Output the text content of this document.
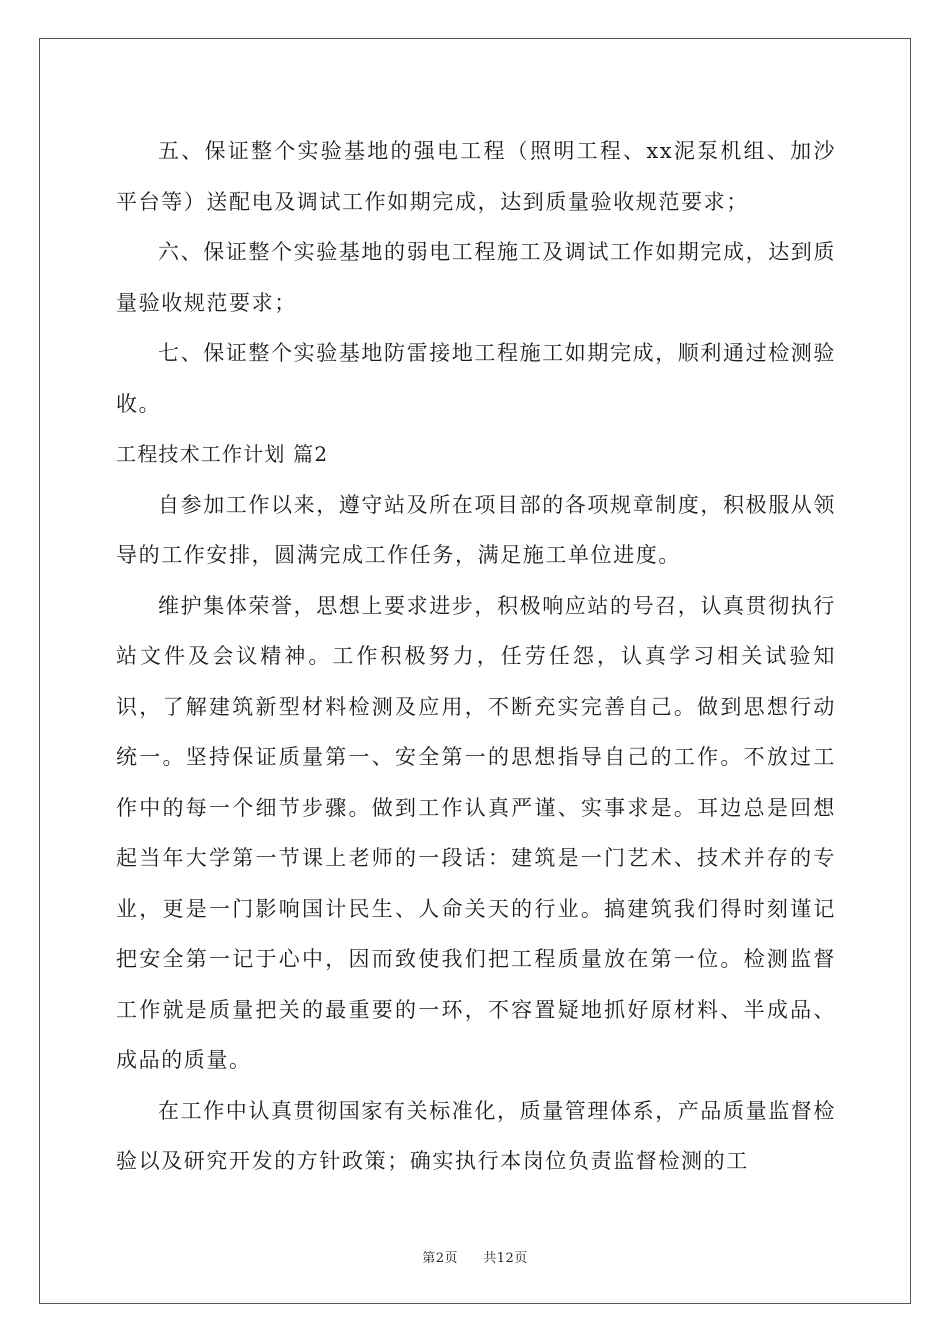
五、保证整个实验基地的强电工程（照明工程、xx泥泵机组、加沙平台等）送配电及调试工作如期完成，达到质量验收规范要求；

六、保证整个实验基地的弱电工程施工及调试工作如期完成，达到质量验收规范要求；

七、保证整个实验基地防雷接地工程施工如期完成，顺利通过检测验收。

工程技术工作计划 篇2

自参加工作以来，遵守站及所在项目部的各项规章制度，积极服从领导的工作安排，圆满完成工作任务，满足施工单位进度。

维护集体荣誉，思想上要求进步，积极响应站的号召，认真贯彻执行站文件及会议精神。工作积极努力，任劳任怨，认真学习相关试验知识，了解建筑新型材料检测及应用，不断充实完善自己。做到思想行动统一。坚持保证质量第一、安全第一的思想指导自己的工作。不放过工作中的每一个细节步骤。做到工作认真严谨、实事求是。耳边总是回想起当年大学第一节课上老师的一段话：建筑是一门艺术、技术并存的专业，更是一门影响国计民生、人命关天的行业。搞建筑我们得时刻谨记把安全第一记于心中，因而致使我们把工程质量放在第一位。检测监督工作就是质量把关的最重要的一环，不容置疑地抓好原材料、半成品、成品的质量。

在工作中认真贯彻国家有关标准化，质量管理体系，产品质量监督检验以及研究开发的方针政策；确实执行本岗位负责监督检测的工

第2页 共12页
